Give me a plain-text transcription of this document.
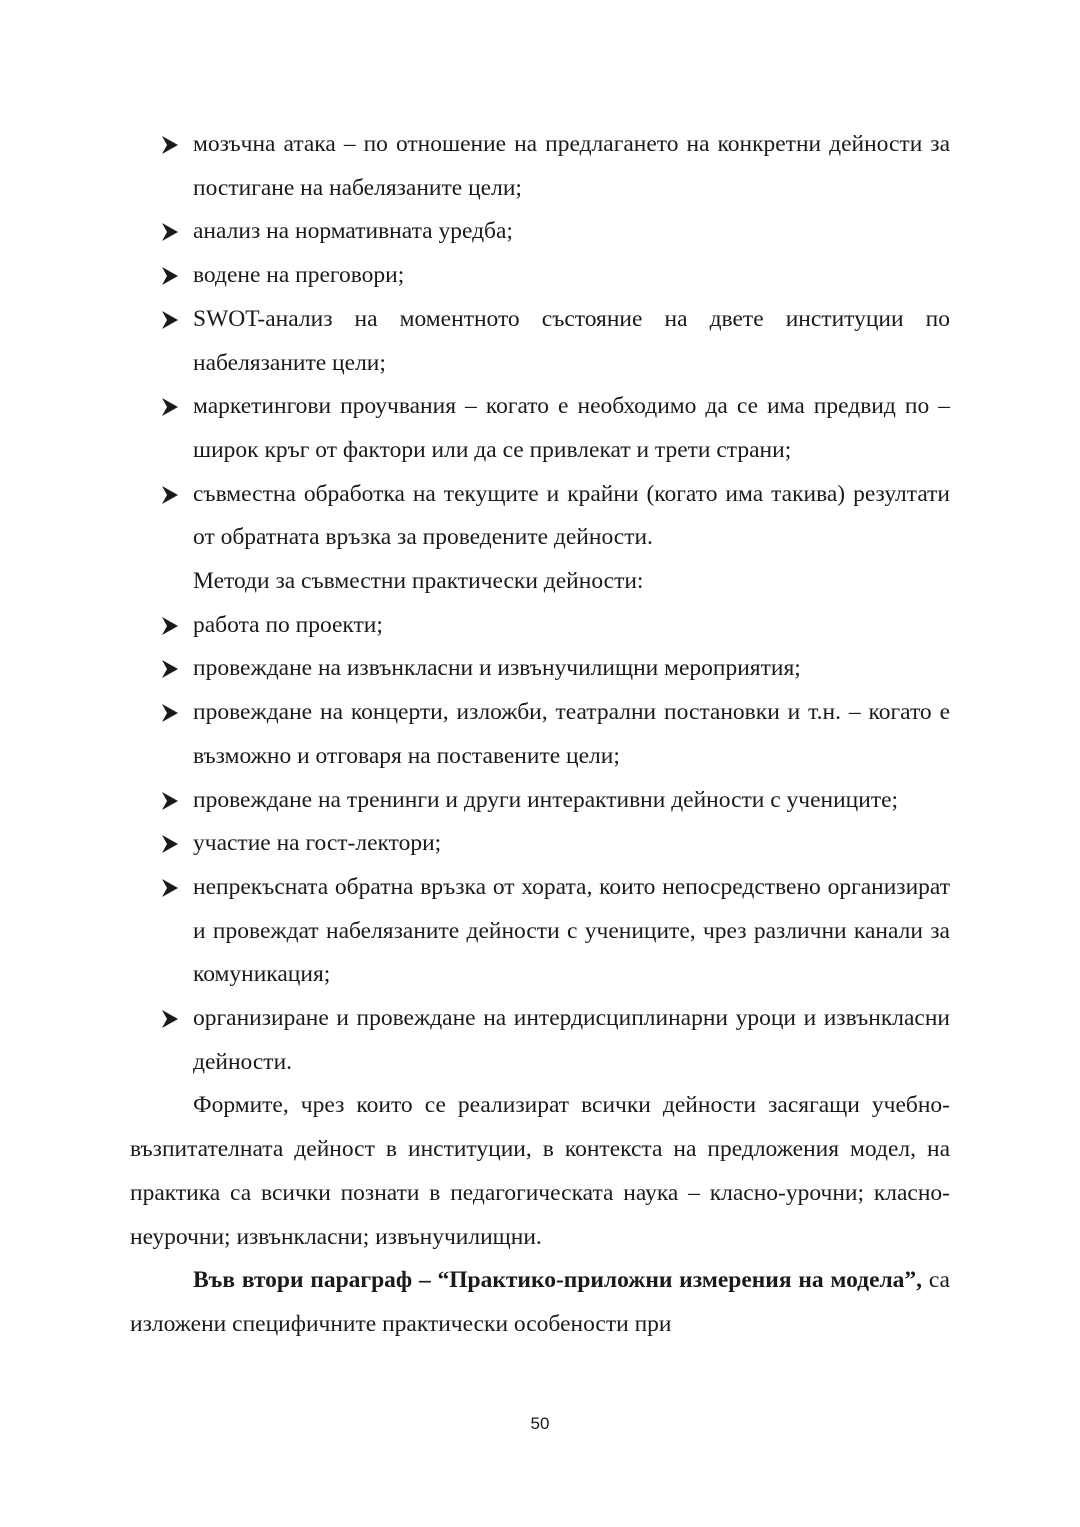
мозъчна атака – по отношение на предлагането на конкретни дейности за постигане на набелязаните цели;
анализ на нормативната уредба;
водене на преговори;
SWOT-анализ на моментното състояние на двете институции по набелязаните цели;
маркетингови проучвания – когато е необходимо да се има предвид по – широк кръг от фактори или да се привлекат и трети страни;
съвместна обработка на текущите и крайни (когато има такива) резултати от обратната връзка за проведените дейности.
Методи за съвместни практически дейности:
работа по проекти;
провеждане на извънкласни и извънучилищни мероприятия;
провеждане на концерти, изложби, театрални постановки и т.н. – когато е възможно и отговаря на поставените цели;
провеждане на тренинги и други интерактивни дейности с учениците;
участие на гост-лектори;
непрекъсната обратна връзка от хората, които непосредствено организират и провеждат набелязаните дейности с учениците, чрез различни канали за комуникация;
организиране и провеждане на интердисциплинарни уроци и извънкласни дейности.

Формите, чрез които се реализират всички дейности засягащи учебно-възпитателната дейност в институции, в контекста на предложения модел, на практика са всички познати в педагогическата наука – класно-урочни; класно-неурочни; извънкласни; извънучилищни.

Във втори параграф – “Практико-приложни измерения на модела”, са изложени специфичните практически особености при

50
